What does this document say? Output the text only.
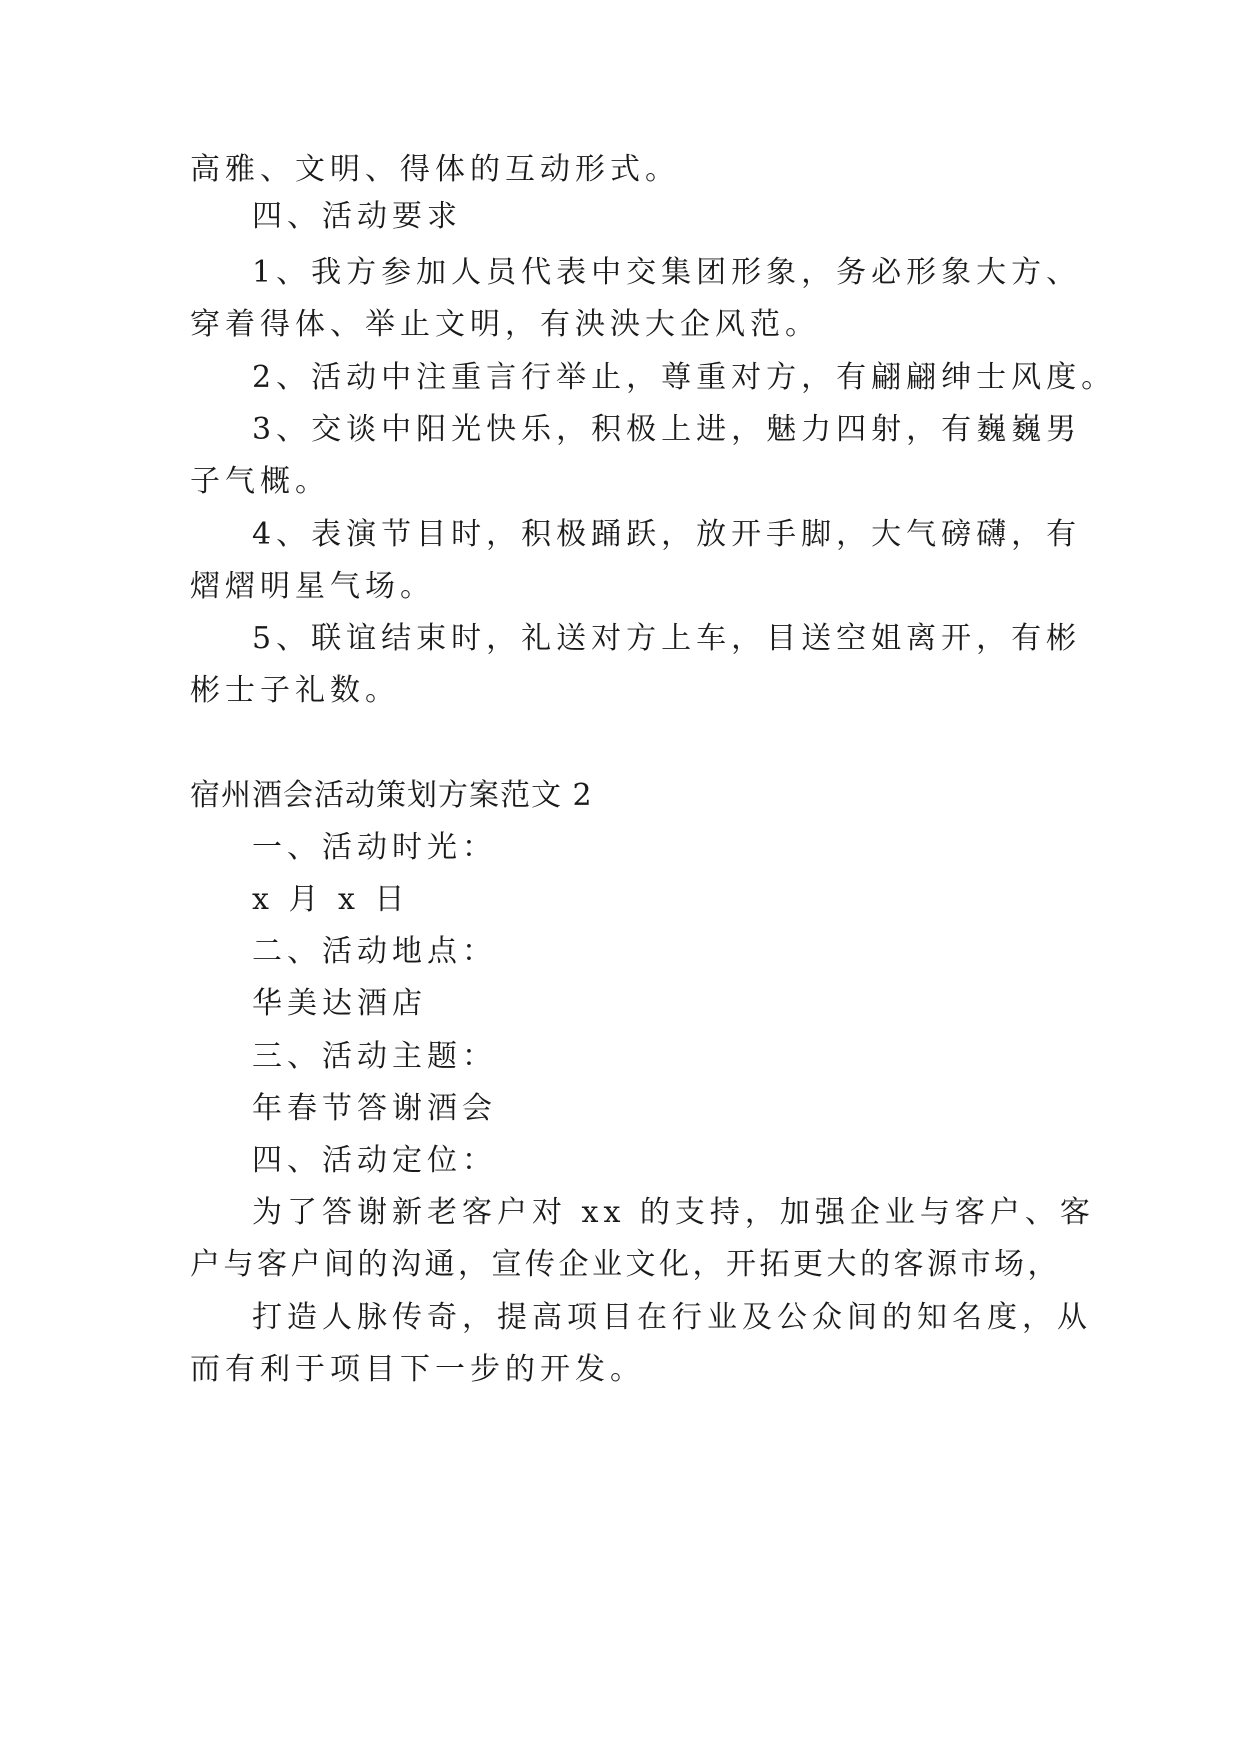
高雅、文明、得体的互动形式。
四、活动要求
1、我方参加人员代表中交集团形象，务必形象大方、
穿着得体、举止文明，有泱泱大企风范。
2、活动中注重言行举止，尊重对方，有翩翩绅士风度。
3、交谈中阳光快乐，积极上进，魅力四射，有巍巍男
子气概。
4、表演节目时，积极踊跃，放开手脚，大气磅礴，有
熠熠明星气场。
5、联谊结束时，礼送对方上车，目送空姐离开，有彬
彬士子礼数。
宿州酒会活动策划方案范文 2
一、活动时光：
x 月 x 日
二、活动地点：
华美达酒店
三、活动主题：
年春节答谢酒会
四、活动定位：
为了答谢新老客户对 xx 的支持，加强企业与客户、客
户与客户间的沟通，宣传企业文化，开拓更大的客源市场，
打造人脉传奇，提高项目在行业及公众间的知名度，从
而有利于项目下一步的开发。
